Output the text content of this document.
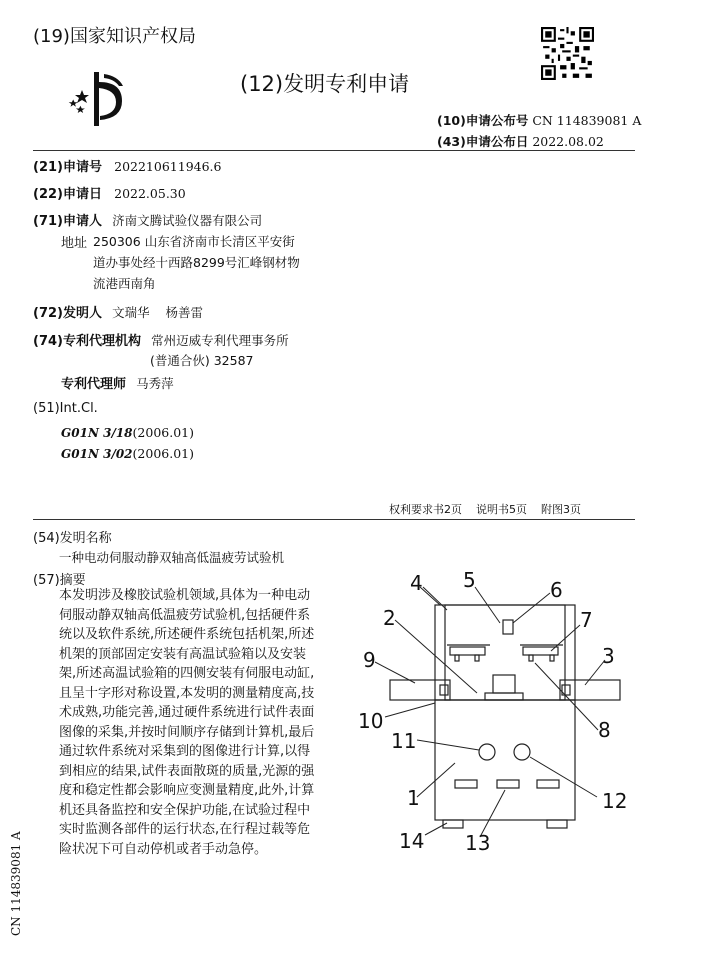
(19)国家知识产权局
(12)发明专利申请
(10)申请公布号 CN 114839081 A
(43)申请公布日 2022.08.02
(21)申请号 202210611946.6
(22)申请日 2022.05.30
(71)申请人 济南文腾试验仪器有限公司
地址 250306 山东省济南市长清区平安街
道办事处经十西路8299号汇峰钢材物
流港西南角
(72)发明人 文瑞华    杨善雷
(74)专利代理机构 常州迈威专利代理事务所
(普通合伙) 32587
专利代理师 马秀萍
(51)Int.Cl.
G01N 3/18(2006.01)
G01N 3/02(2006.01)
权利要求书2页    说明书5页    附图3页
(54)发明名称
一种电动伺服动静双轴高低温疲劳试验机
(57)摘要

本发明涉及橡胶试验机领域,具体为一种电动伺服动静双轴高低温疲劳试验机,包括硬件系统以及软件系统,所述硬件系统包括机架,所述机架的顶部固定安装有高温试验箱以及安装架,所述高温试验箱的四侧安装有伺服电动缸,且呈十字形对称设置,本发明的测量精度高,技术成熟,功能完善,通过硬件系统进行试件表面图像的采集,并按时间顺序存储到计算机,最后通过软件系统对采集到的图像进行计算,以得到相应的结果,试件表面散斑的质量,光源的强度和稳定性都会影响应变测量精度,此外,计算机还具备监控和安全保护功能,在试验过程中实时监测各部件的运行状态,在行程过载等危险状况下可自动停机或者手动急停。

1
2
3
4 5	6
7
8
9
10
11
12
13
14
CN 114839081 A
